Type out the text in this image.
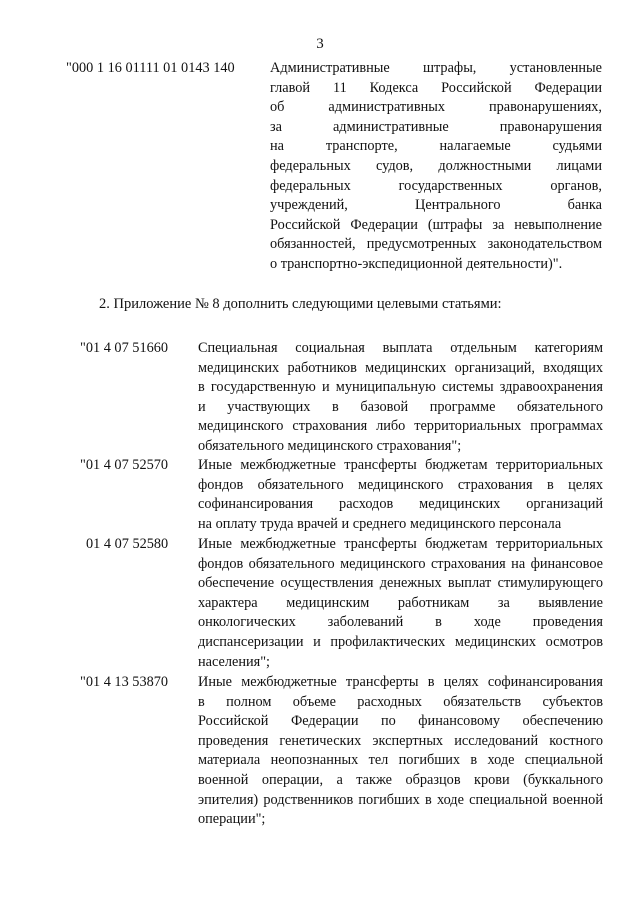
3
"000 1 16 01111 01 0143 140 Административные штрафы, установленные
главой 11 Кодекса Российской Федерации
об административных правонарушениях,
за административные правонарушения
на транспорте, налагаемые судьями
федеральных судов, должностными лицами
федеральных государственных органов,
учреждений, Центрального банка
Российской Федерации (штрафы за невыполнение
обязанностей, предусмотренных законодательством
о транспортно-экспедиционной деятельности)".
2. Приложение № 8 дополнить следующими целевыми статьями:
"01 4 07 51660 Специальная социальная выплата отдельным категориям
медицинских работников медицинских организаций, входящих
в государственную и муниципальную системы здравоохранения
и участвующих в базовой программе обязательного
медицинского страхования либо территориальных программах
обязательного медицинского страхования";
"01 4 07 52570 Иные межбюджетные трансферты бюджетам территориальных
фондов обязательного медицинского страхования в целях
софинансирования расходов медицинских организаций
на оплату труда врачей и среднего медицинского персонала
01 4 07 52580 Иные межбюджетные трансферты бюджетам территориальных
фондов обязательного медицинского страхования на финансовое
обеспечение осуществления денежных выплат стимулирующего
характера медицинским работникам за выявление
онкологических заболеваний в ходе проведения
диспансеризации и профилактических медицинских осмотров
населения";
"01 4 13 53870 Иные межбюджетные трансферты в целях софинансирования
в полном объеме расходных обязательств субъектов
Российской Федерации по финансовому обеспечению
проведения генетических экспертных исследований костного
материала неопознанных тел погибших в ходе специальной
военной операции, а также образцов крови (буккального
эпителия) родственников погибших в ходе специальной военной
операции";
